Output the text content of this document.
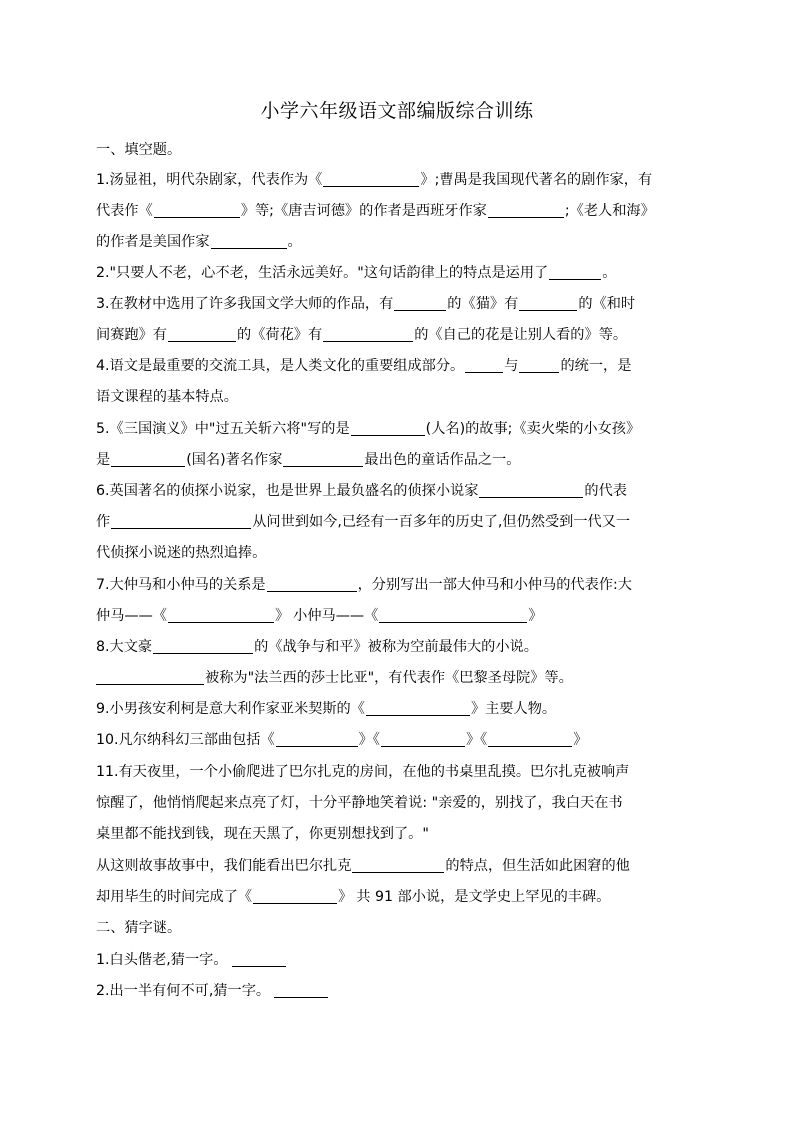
小学六年级语文部编版综合训练
一、填空题。
1.汤显祖，明代杂剧家，代表作为《	》;曹禺是我国现代著名的剧作家，有
代表作《	》等;《唐吉诃德》的作者是西班牙作家	;《老人和海》
的作者是美国作家	。
2."只要人不老，心不老，生活永远美好。"这句话韵律上的特点是运用了	。
3.在教材中选用了许多我国文学大师的作品，有	的《猫》有	的《和时
间赛跑》有	的《荷花》有	的《自己的花是让别人看的》等。
4.语文是最重要的交流工具，是人类文化的重要组成部分。	与	的统一，是
语文课程的基本特点。
5.《三国演义》中"过五关斩六将"写的是	(人名)的故事;《卖火柴的小女孩》
是	(国名)著名作家	最出色的童话作品之一。
6.英国著名的侦探小说家，也是世界上最负盛名的侦探小说家	的代表
作	从问世到如今,已经有一百多年的历史了,但仍然受到一代又一
代侦探小说迷的热烈追捧。
7.大仲马和小仲马的关系是	，分别写出一部大仲马和小仲马的代表作:大
仲马——《	》 小仲马——《	》
8.大文豪	的《战争与和平》被称为空前最伟大的小说。
被称为"法兰西的莎士比亚"，有代表作《巴黎圣母院》等。
9.小男孩安利柯是意大利作家亚米契斯的《	》主要人物。
10.凡尔纳科幻三部曲包括《	》《	》《	》
11.有天夜里，一个小偷爬进了巴尔扎克的房间，在他的书桌里乱摸。巴尔扎克被响声
惊醒了，他悄悄爬起来点亮了灯，十分平静地笑着说: "亲爱的，别找了，我白天在书
桌里都不能找到钱，现在天黑了，你更别想找到了。"
从这则故事故事中，我们能看出巴尔扎克	的特点，但生活如此困窘的他
却用毕生的时间完成了《	》 共 91 部小说，是文学史上罕见的丰碑。
二、猜字谜。
1.白头偕老,猜一字。
2.出一半有何不可,猜一字。
